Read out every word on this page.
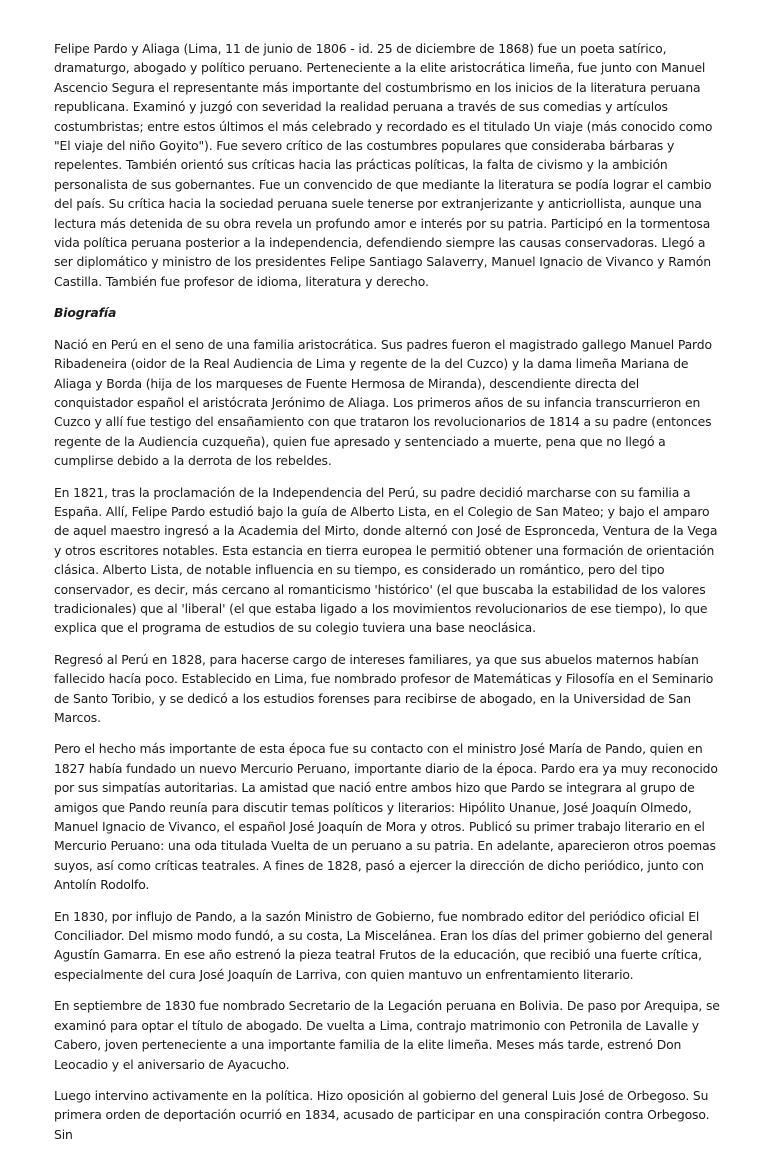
Felipe Pardo y Aliaga (Lima, 11 de junio de 1806 - id. 25 de diciembre de 1868) fue un poeta satírico, dramaturgo, abogado y político peruano. Perteneciente a la elite aristocrática limeña, fue junto con Manuel Ascencio Segura el representante más importante del costumbrismo en los inicios de la literatura peruana republicana. Examinó y juzgó con severidad la realidad peruana a través de sus comedias y artículos costumbristas; entre estos últimos el más celebrado y recordado es el titulado Un viaje (más conocido como "El viaje del niño Goyito"). Fue severo crítico de las costumbres populares que consideraba bárbaras y repelentes. También orientó sus críticas hacia las prácticas políticas, la falta de civismo y la ambición personalista de sus gobernantes. Fue un convencido de que mediante la literatura se podía lograr el cambio del país. Su crítica hacia la sociedad peruana suele tenerse por extranjerizante y anticriollista, aunque una lectura más detenida de su obra revela un profundo amor e interés por su patria. Participó en la tormentosa vida política peruana posterior a la independencia, defendiendo siempre las causas conservadoras. Llegó a ser diplomático y ministro de los presidentes Felipe Santiago Salaverry, Manuel Ignacio de Vivanco y Ramón Castilla. También fue profesor de idioma, literatura y derecho.

Biografía

Nació en Perú en el seno de una familia aristocrática. Sus padres fueron el magistrado gallego Manuel Pardo Ribadeneira (oidor de la Real Audiencia de Lima y regente de la del Cuzco) y la dama limeña Mariana de Aliaga y Borda (hija de los marqueses de Fuente Hermosa de Miranda), descendiente directa del conquistador español el aristócrata Jerónimo de Aliaga. Los primeros años de su infancia transcurrieron en Cuzco y allí fue testigo del ensañamiento con que trataron los revolucionarios de 1814 a su padre (entonces regente de la Audiencia cuzqueña), quien fue apresado y sentenciado a muerte, pena que no llegó a cumplirse debido a la derrota de los rebeldes.

En 1821, tras la proclamación de la Independencia del Perú, su padre decidió marcharse con su familia a España. Allí, Felipe Pardo estudió bajo la guía de Alberto Lista, en el Colegio de San Mateo; y bajo el amparo de aquel maestro ingresó a la Academia del Mirto, donde alternó con José de Espronceda, Ventura de la Vega y otros escritores notables. Esta estancia en tierra europea le permitió obtener una formación de orientación clásica. Alberto Lista, de notable influencia en su tiempo, es considerado un romántico, pero del tipo conservador, es decir, más cercano al romanticismo 'histórico' (el que buscaba la estabilidad de los valores tradicionales) que al 'liberal' (el que estaba ligado a los movimientos revolucionarios de ese tiempo), lo que explica que el programa de estudios de su colegio tuviera una base neoclásica.

Regresó al Perú en 1828, para hacerse cargo de intereses familiares, ya que sus abuelos maternos habían fallecido hacía poco. Establecido en Lima, fue nombrado profesor de Matemáticas y Filosofía en el Seminario de Santo Toribio, y se dedicó a los estudios forenses para recibirse de abogado, en la Universidad de San Marcos.

Pero el hecho más importante de esta época fue su contacto con el ministro José María de Pando, quien en 1827 había fundado un nuevo Mercurio Peruano, importante diario de la época. Pardo era ya muy reconocido por sus simpatías autoritarias. La amistad que nació entre ambos hizo que Pardo se integrara al grupo de amigos que Pando reunía para discutir temas políticos y literarios: Hipólito Unanue, José Joaquín Olmedo, Manuel Ignacio de Vivanco, el español José Joaquín de Mora y otros. Publicó su primer trabajo literario en el Mercurio Peruano: una oda titulada Vuelta de un peruano a su patria. En adelante, aparecieron otros poemas suyos, así como críticas teatrales. A fines de 1828, pasó a ejercer la dirección de dicho periódico, junto con Antolín Rodolfo.

En 1830, por influjo de Pando, a la sazón Ministro de Gobierno, fue nombrado editor del periódico oficial El Conciliador. Del mismo modo fundó, a su costa, La Miscelánea. Eran los días del primer gobierno del general Agustín Gamarra. En ese año estrenó la pieza teatral Frutos de la educación, que recibió una fuerte crítica, especialmente del cura José Joaquín de Larriva, con quien mantuvo un enfrentamiento literario.

En septiembre de 1830 fue nombrado Secretario de la Legación peruana en Bolivia. De paso por Arequipa, se examinó para optar el título de abogado. De vuelta a Lima, contrajo matrimonio con Petronila de Lavalle y Cabero, joven perteneciente a una importante familia de la elite limeña. Meses más tarde, estrenó Don Leocadio y el aniversario de Ayacucho.

Luego intervino activamente en la política. Hizo oposición al gobierno del general Luis José de Orbegoso. Su primera orden de deportación ocurrió en 1834, acusado de participar en una conspiración contra Orbegoso. Sin
